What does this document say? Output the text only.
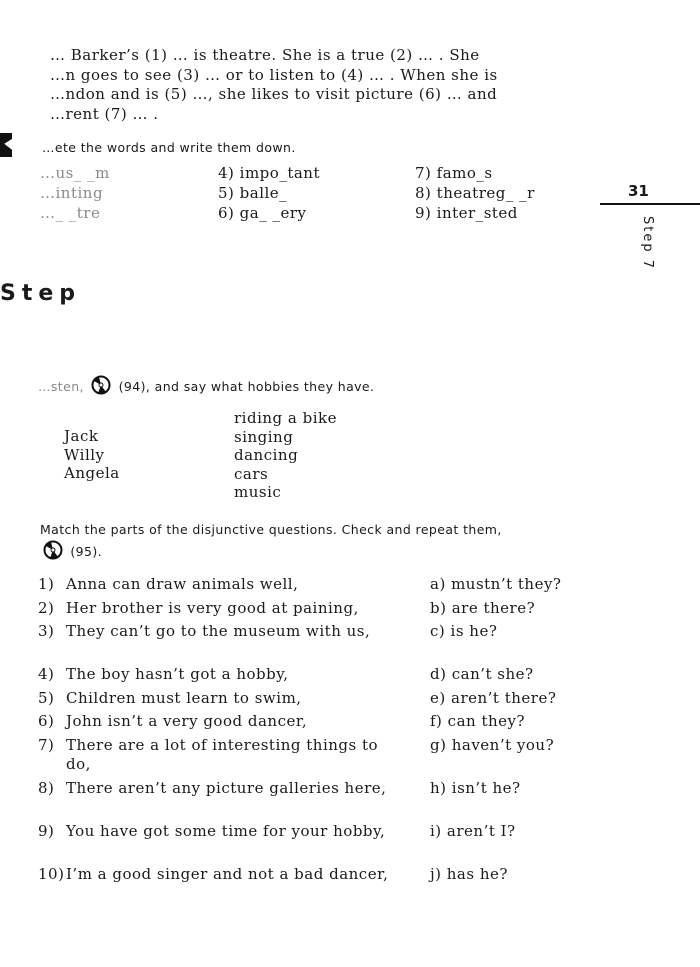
… Barker’s (1) … is theatre. She is a true (2) … . She
…n goes to see (3) … or to listen to (4) … . When she is
…ndon and is (5) …, she likes to visit picture (6) … and
…rent (7) … .
…ete the words and write them down.
…us_ _m	4) impo_tant	7) famo_s
…inting	5) balle_	8) theatreg_ _r
…_ _tre	6) ga_ _ery	9) inter_sted
31
Step 7
Step
…sten,	(94), and say what hobbies they have.
Jack
Willy
Angela
riding a bike
singing
dancing
cars
music
Match the parts of the disjunctive questions. Check and repeat them,
(95).
1) Anna can draw animals well,	a) mustn’t they?
2) Her brother is very good at paining,	b) are there?
3) They can’t go to the museum with us,	c) is he?
4) The boy hasn’t got a hobby,	d) can’t she?
5) Children must learn to swim,	e) aren’t there?
6) John isn’t a very good dancer,	f) can they?
7) There are a lot of interesting things to do,
g) haven’t you?
8) There aren’t any picture galleries here,	h) isn’t he?
9) You have got some time for your hobby,	i) aren’t I?
10) I’m a good singer and not a bad dancer,	j) has he?
